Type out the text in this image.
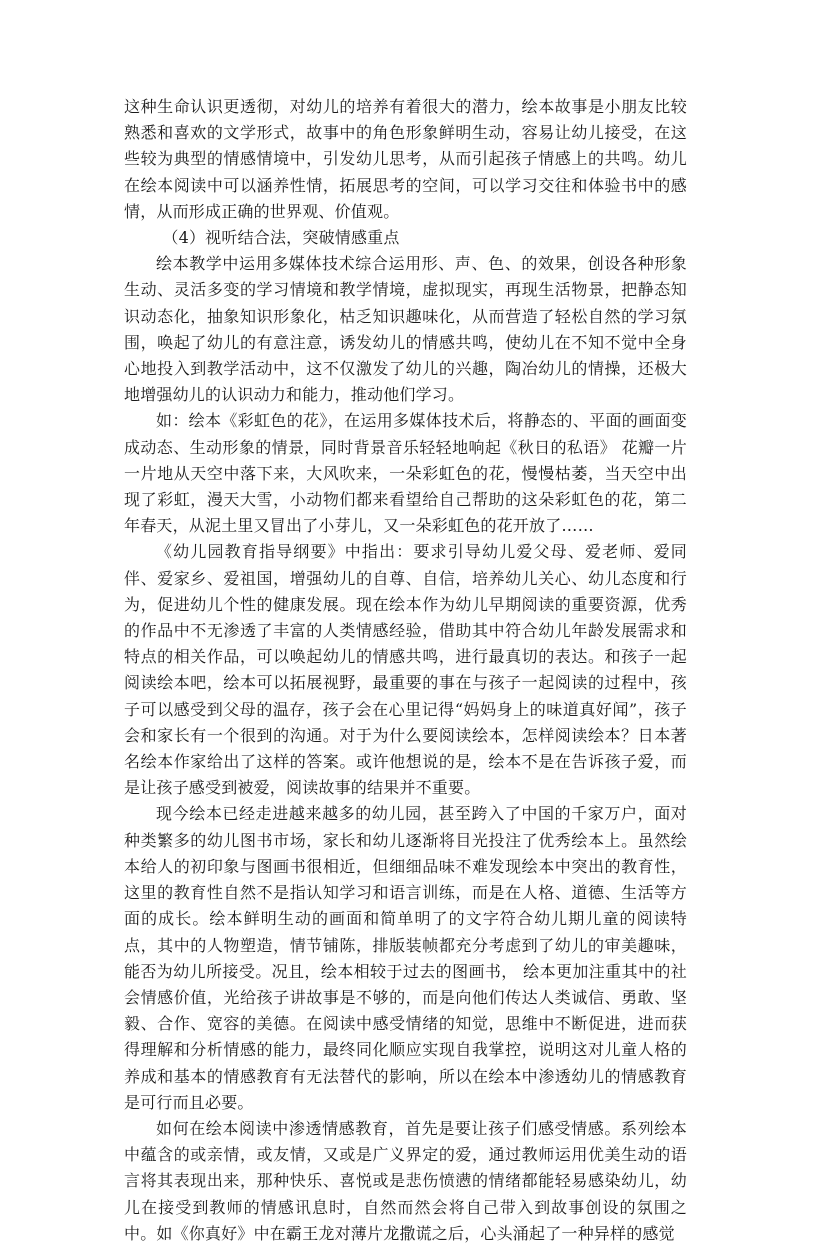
这种生命认识更透彻，对幼儿的培养有着很大的潜力，绘本故事是小朋友比较熟悉和喜欢的文学形式，故事中的角色形象鲜明生动，容易让幼儿接受，在这些较为典型的情感情境中，引发幼儿思考，从而引起孩子情感上的共鸣。幼儿在绘本阅读中可以涵养性情，拓展思考的空间，可以学习交往和体验书中的感情，从而形成正确的世界观、价值观。

（4）视听结合法，突破情感重点

绘本教学中运用多媒体技术综合运用形、声、色、的效果，创设各种形象生动、灵活多变的学习情境和教学情境，虚拟现实，再现生活物景，把静态知识动态化，抽象知识形象化，枯乏知识趣味化，从而营造了轻松自然的学习氛围，唤起了幼儿的有意注意，诱发幼儿的情感共鸣，使幼儿在不知不觉中全身心地投入到教学活动中，这不仅激发了幼儿的兴趣，陶冶幼儿的情操，还极大地增强幼儿的认识动力和能力，推动他们学习。

如：绘本《彩虹色的花》，在运用多媒体技术后，将静态的、平面的画面变成动态、生动形象的情景，同时背景音乐轻轻地响起《秋日的私语》 花瓣一片一片地从天空中落下来，大风吹来，一朵彩虹色的花，慢慢枯萎，当天空中出现了彩虹，漫天大雪，小动物们都来看望给自己帮助的这朵彩虹色的花，第二年春天，从泥土里又冒出了小芽儿，又一朵彩虹色的花开放了……

《幼儿园教育指导纲要》中指出：要求引导幼儿爱父母、爱老师、爱同伴、爱家乡、爱祖国，增强幼儿的自尊、自信，培养幼儿关心、幼儿态度和行为，促进幼儿个性的健康发展。现在绘本作为幼儿早期阅读的重要资源，优秀的作品中不无渗透了丰富的人类情感经验，借助其中符合幼儿年龄发展需求和特点的相关作品，可以唤起幼儿的情感共鸣，进行最真切的表达。和孩子一起阅读绘本吧，绘本可以拓展视野，最重要的事在与孩子一起阅读的过程中，孩子可以感受到父母的温存，孩子会在心里记得“妈妈身上的味道真好闻”，孩子会和家长有一个很到的沟通。对于为什么要阅读绘本，怎样阅读绘本？日本著名绘本作家给出了这样的答案。或许他想说的是，绘本不是在告诉孩子爱，而是让孩子感受到被爱，阅读故事的结果并不重要。

现今绘本已经走进越来越多的幼儿园，甚至跨入了中国的千家万户，面对种类繁多的幼儿图书市场，家长和幼儿逐渐将目光投注了优秀绘本上。虽然绘本给人的初印象与图画书很相近，但细细品味不难发现绘本中突出的教育性，这里的教育性自然不是指认知学习和语言训练，而是在人格、道德、生活等方面的成长。绘本鲜明生动的画面和简单明了的文字符合幼儿期儿童的阅读特点，其中的人物塑造，情节铺陈，排版装帧都充分考虑到了幼儿的审美趣味，能否为幼儿所接受。况且，绘本相较于过去的图画书， 绘本更加注重其中的社会情感价值，光给孩子讲故事是不够的，而是向他们传达人类诚信、勇敢、坚毅、合作、宽容的美德。在阅读中感受情绪的知觉，思维中不断促进，进而获得理解和分析情感的能力，最终同化顺应实现自我掌控，说明这对儿童人格的养成和基本的情感教育有无法替代的影响，所以在绘本中渗透幼儿的情感教育是可行而且必要。

如何在绘本阅读中渗透情感教育，首先是要让孩子们感受情感。系列绘本中蕴含的或亲情，或友情，又或是广义界定的爱，通过教师运用优美生动的语言将其表现出来，那种快乐、喜悦或是悲伤愤懑的情绪都能轻易感染幼儿，幼儿在接受到教师的情感讯息时，自然而然会将自己带入到故事创设的氛围之中。如《你真好》中在霸王龙对薄片龙撒谎之后，心头涌起了一种异样的感觉
